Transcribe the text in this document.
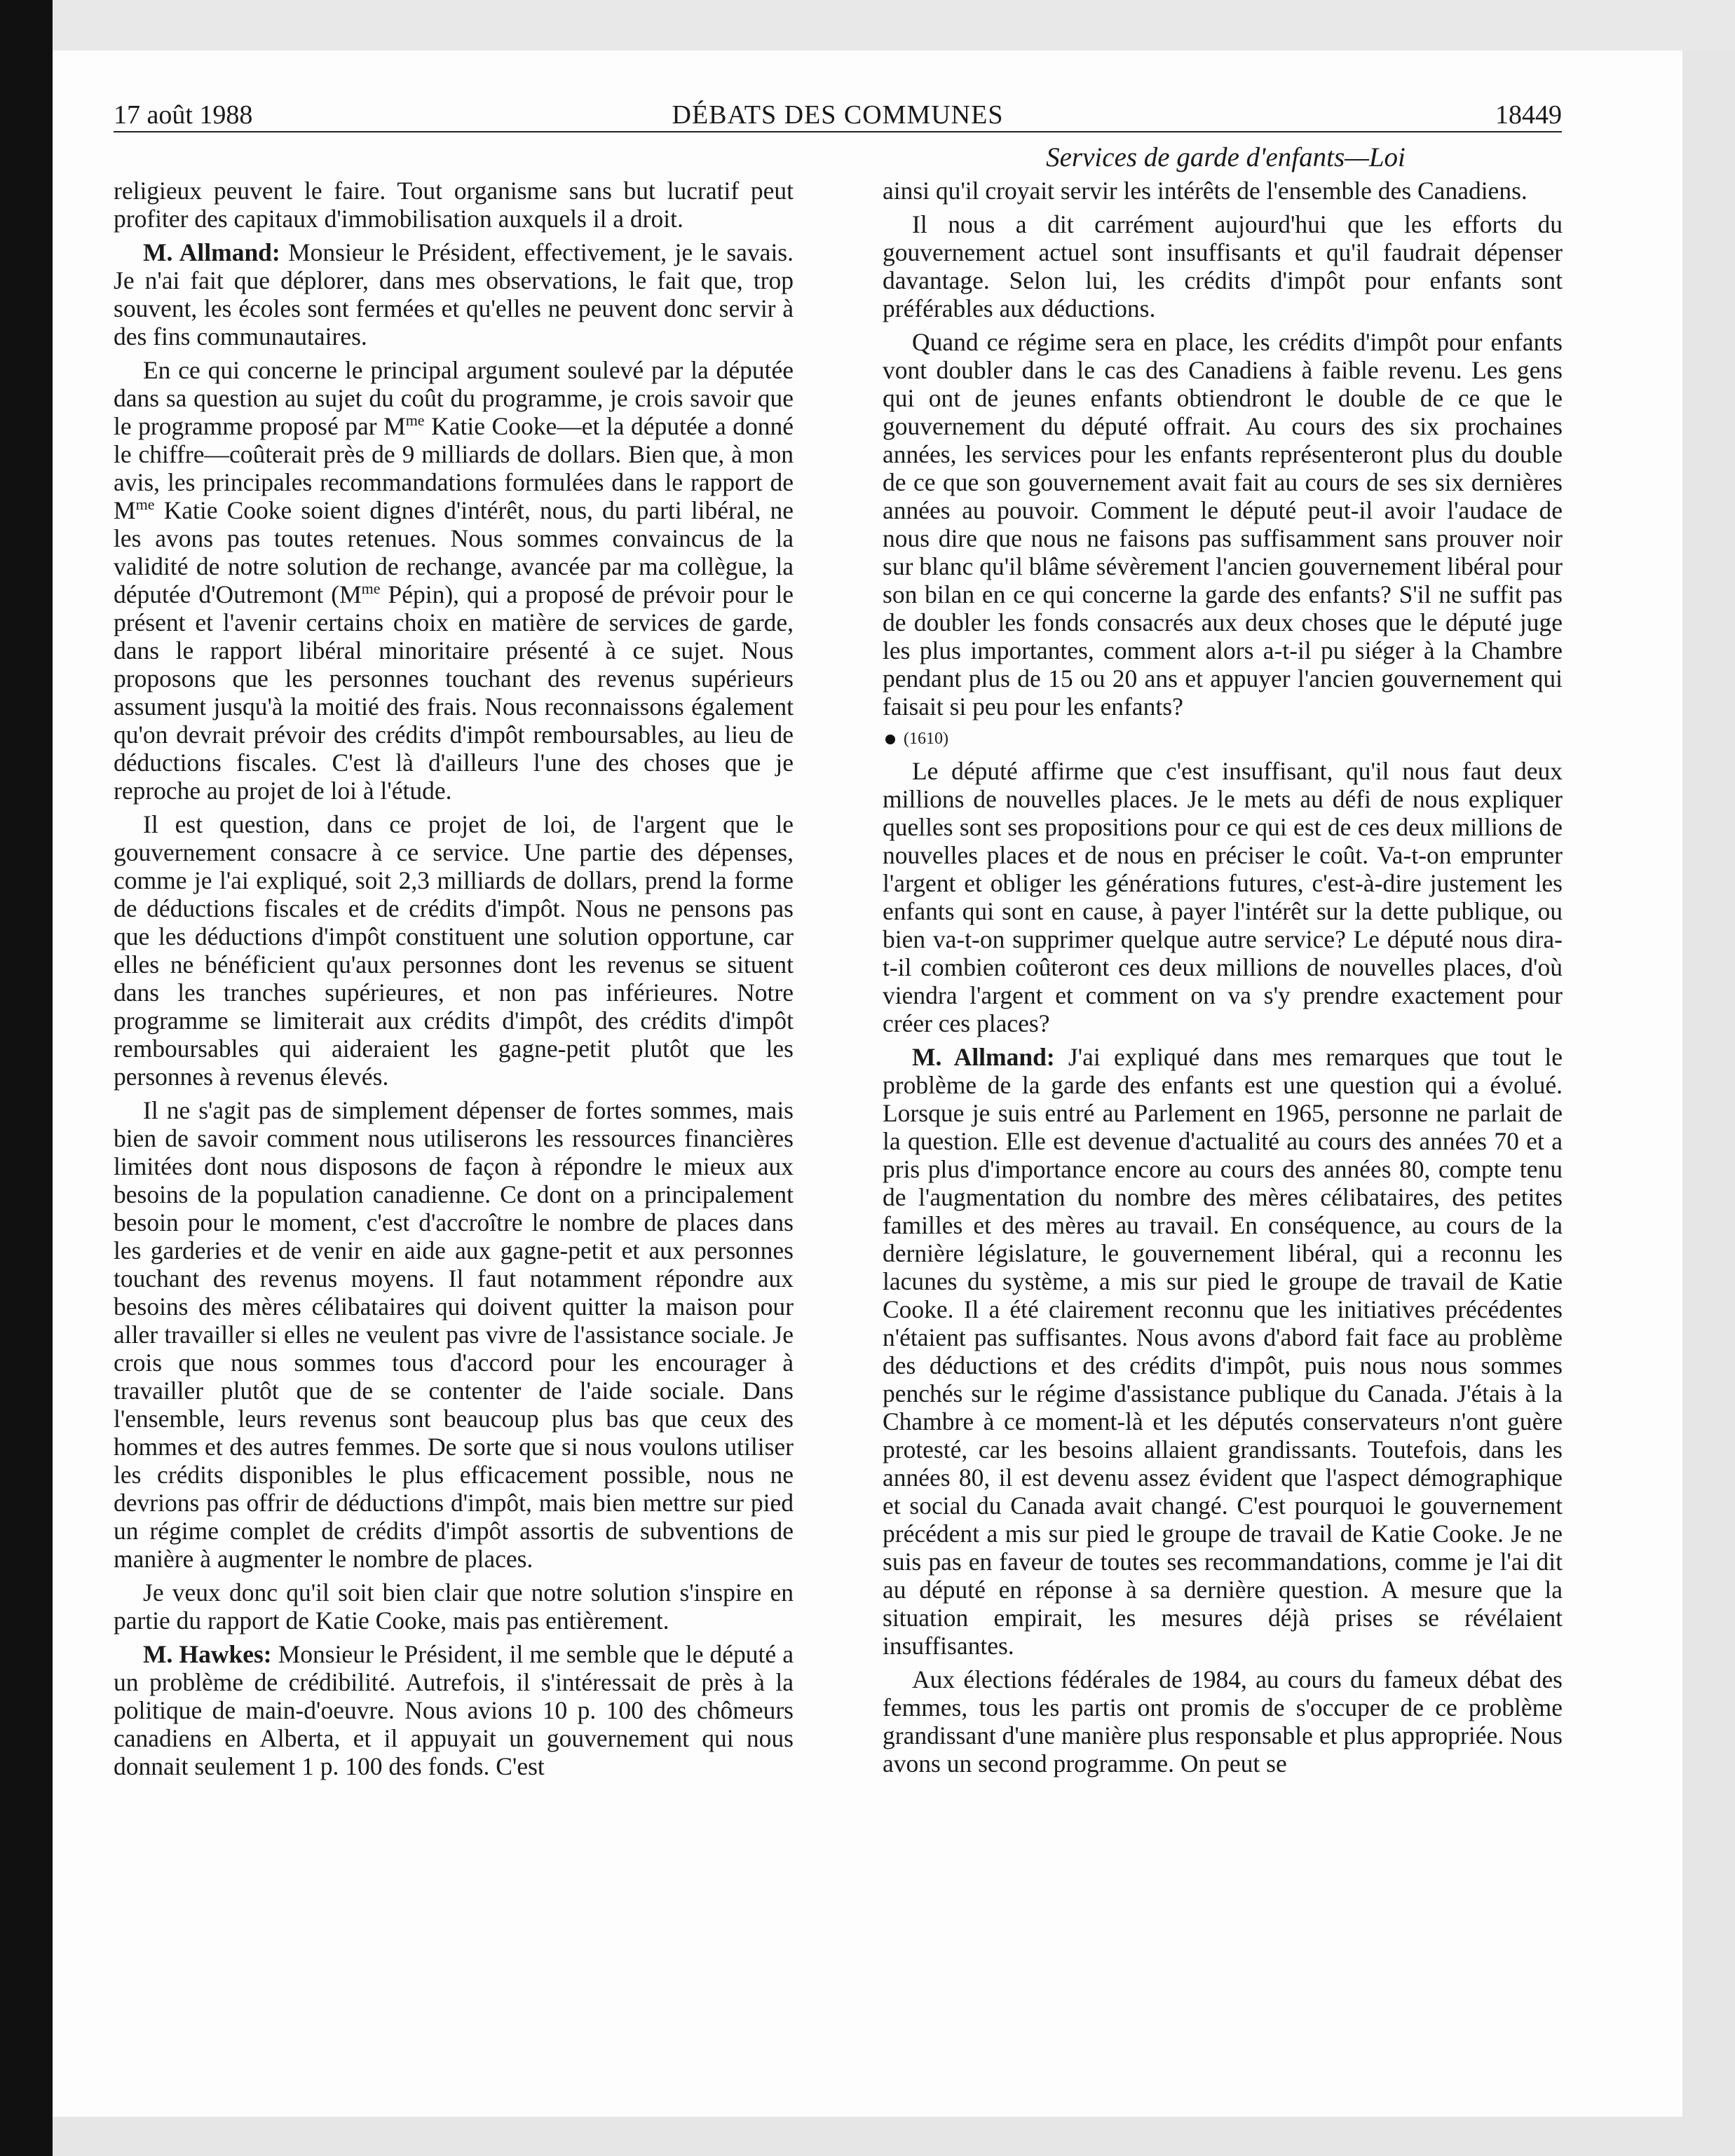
17 août 1988	DÉBATS DES COMMUNES	18449
Services de garde d'enfants—Loi

religieux peuvent le faire. Tout organisme sans but lucratif peut profiter des capitaux d'immobilisation auxquels il a droit.

M. Allmand: Monsieur le Président, effectivement, je le savais. Je n'ai fait que déplorer, dans mes observations, le fait que, trop souvent, les écoles sont fermées et qu'elles ne peuvent donc servir à des fins communautaires.

En ce qui concerne le principal argument soulevé par la députée dans sa question au sujet du coût du programme, je crois savoir que le programme proposé par $M^{me}$ Katie Cooke—et la députée a donné le chiffre—coûterait près de 9 milliards de dollars. Bien que, à mon avis, les principales recommandations formulées dans le rapport de $M^{me}$ Katie Cooke soient dignes d'intérêt, nous, du parti libéral, ne les avons pas toutes retenues. Nous sommes convaincus de la validité de notre solution de rechange, avancée par ma collègue, la députée d'Outremont ($M^{me}$ Pépin), qui a proposé de prévoir pour le présent et l'avenir certains choix en matière de services de garde, dans le rapport libéral minoritaire présenté à ce sujet. Nous proposons que les personnes touchant des revenus supérieurs assument jusqu'à la moitié des frais. Nous reconnaissons également qu'on devrait prévoir des crédits d'impôt remboursables, au lieu de déductions fiscales. C'est là d'ailleurs l'une des choses que je reproche au projet de loi à l'étude.

Il est question, dans ce projet de loi, de l'argent que le gouvernement consacre à ce service. Une partie des dépenses, comme je l'ai expliqué, soit 2,3 milliards de dollars, prend la forme de déductions fiscales et de crédits d'impôt. Nous ne pensons pas que les déductions d'impôt constituent une solution opportune, car elles ne bénéficient qu'aux personnes dont les revenus se situent dans les tranches supérieures, et non pas inférieures. Notre programme se limiterait aux crédits d'impôt, des crédits d'impôt remboursables qui aideraient les gagne-petit plutôt que les personnes à revenus élevés.

Il ne s'agit pas de simplement dépenser de fortes sommes, mais bien de savoir comment nous utiliserons les ressources financières limitées dont nous disposons de façon à répondre le mieux aux besoins de la population canadienne. Ce dont on a principalement besoin pour le moment, c'est d'accroître le nombre de places dans les garderies et de venir en aide aux gagne-petit et aux personnes touchant des revenus moyens. Il faut notamment répondre aux besoins des mères célibataires qui doivent quitter la maison pour aller travailler si elles ne veulent pas vivre de l'assistance sociale. Je crois que nous sommes tous d'accord pour les encourager à travailler plutôt que de se contenter de l'aide sociale. Dans l'ensemble, leurs revenus sont beaucoup plus bas que ceux des hommes et des autres femmes. De sorte que si nous voulons utiliser les crédits disponibles le plus efficacement possible, nous ne devrions pas offrir de déductions d'impôt, mais bien mettre sur pied un régime complet de crédits d'impôt assortis de subventions de manière à augmenter le nombre de places.

Je veux donc qu'il soit bien clair que notre solution s'inspire en partie du rapport de Katie Cooke, mais pas entièrement.

M. Hawkes: Monsieur le Président, il me semble que le député a un problème de crédibilité. Autrefois, il s'intéressait de près à la politique de main-d'oeuvre. Nous avions 10 p. 100 des chômeurs canadiens en Alberta, et il appuyait un gouvernement qui nous donnait seulement 1 p. 100 des fonds. C'est

ainsi qu'il croyait servir les intérêts de l'ensemble des Canadiens.

Il nous a dit carrément aujourd'hui que les efforts du gouvernement actuel sont insuffisants et qu'il faudrait dépenser davantage. Selon lui, les crédits d'impôt pour enfants sont préférables aux déductions.

Quand ce régime sera en place, les crédits d'impôt pour enfants vont doubler dans le cas des Canadiens à faible revenu. Les gens qui ont de jeunes enfants obtiendront le double de ce que le gouvernement du député offrait. Au cours des six prochaines années, les services pour les enfants représenteront plus du double de ce que son gouvernement avait fait au cours de ses six dernières années au pouvoir. Comment le député peut-il avoir l'audace de nous dire que nous ne faisons pas suffisamment sans prouver noir sur blanc qu'il blâme sévèrement l'ancien gouvernement libéral pour son bilan en ce qui concerne la garde des enfants? S'il ne suffit pas de doubler les fonds consacrés aux deux choses que le député juge les plus importantes, comment alors a-t-il pu siéger à la Chambre pendant plus de 15 ou 20 ans et appuyer l'ancien gouvernement qui faisait si peu pour les enfants?

(1610)

Le député affirme que c'est insuffisant, qu'il nous faut deux millions de nouvelles places. Je le mets au défi de nous expliquer quelles sont ses propositions pour ce qui est de ces deux millions de nouvelles places et de nous en préciser le coût. Va-t-on emprunter l'argent et obliger les générations futures, c'est-à-dire justement les enfants qui sont en cause, à payer l'intérêt sur la dette publique, ou bien va-t-on supprimer quelque autre service? Le député nous dira-t-il combien coûteront ces deux millions de nouvelles places, d'où viendra l'argent et comment on va s'y prendre exactement pour créer ces places?

M. Allmand: J'ai expliqué dans mes remarques que tout le problème de la garde des enfants est une question qui a évolué. Lorsque je suis entré au Parlement en 1965, personne ne parlait de la question. Elle est devenue d'actualité au cours des années 70 et a pris plus d'importance encore au cours des années 80, compte tenu de l'augmentation du nombre des mères célibataires, des petites familles et des mères au travail. En conséquence, au cours de la dernière législature, le gouvernement libéral, qui a reconnu les lacunes du système, a mis sur pied le groupe de travail de Katie Cooke. Il a été clairement reconnu que les initiatives précédentes n'étaient pas suffisantes. Nous avons d'abord fait face au problème des déductions et des crédits d'impôt, puis nous nous sommes penchés sur le régime d'assistance publique du Canada. J'étais à la Chambre à ce moment-là et les députés conservateurs n'ont guère protesté, car les besoins allaient grandissants. Toutefois, dans les années 80, il est devenu assez évident que l'aspect démographique et social du Canada avait changé. C'est pourquoi le gouvernement précédent a mis sur pied le groupe de travail de Katie Cooke. Je ne suis pas en faveur de toutes ses recommandations, comme je l'ai dit au député en réponse à sa dernière question. A mesure que la situation empirait, les mesures déjà prises se révélaient insuffisantes.

Aux élections fédérales de 1984, au cours du fameux débat des femmes, tous les partis ont promis de s'occuper de ce problème grandissant d'une manière plus responsable et plus appropriée. Nous avons un second programme. On peut se
